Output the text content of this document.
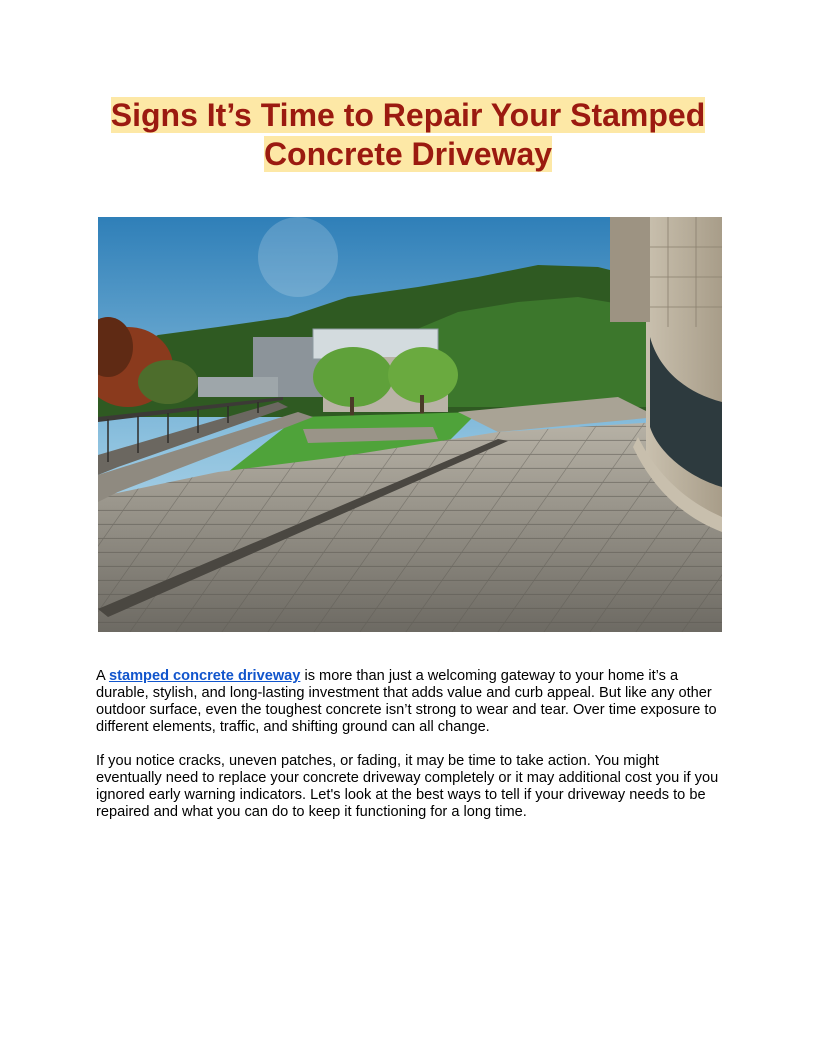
Signs It’s Time to Repair Your Stamped
Concrete Driveway

A stamped concrete driveway is more than just a welcoming gateway to your home it’s a durable, stylish, and long-lasting investment that adds value and curb appeal. But like any other outdoor surface, even the toughest concrete isn’t strong to wear and tear. Over time exposure to different elements, traffic, and shifting ground can all change.

If you notice cracks, uneven patches, or fading, it may be time to take action. You might eventually need to replace your concrete driveway completely or it may additional cost you if you ignored early warning indicators. Let's look at the best ways to tell if your driveway needs to be repaired and what you can do to keep it functioning for a long time.
